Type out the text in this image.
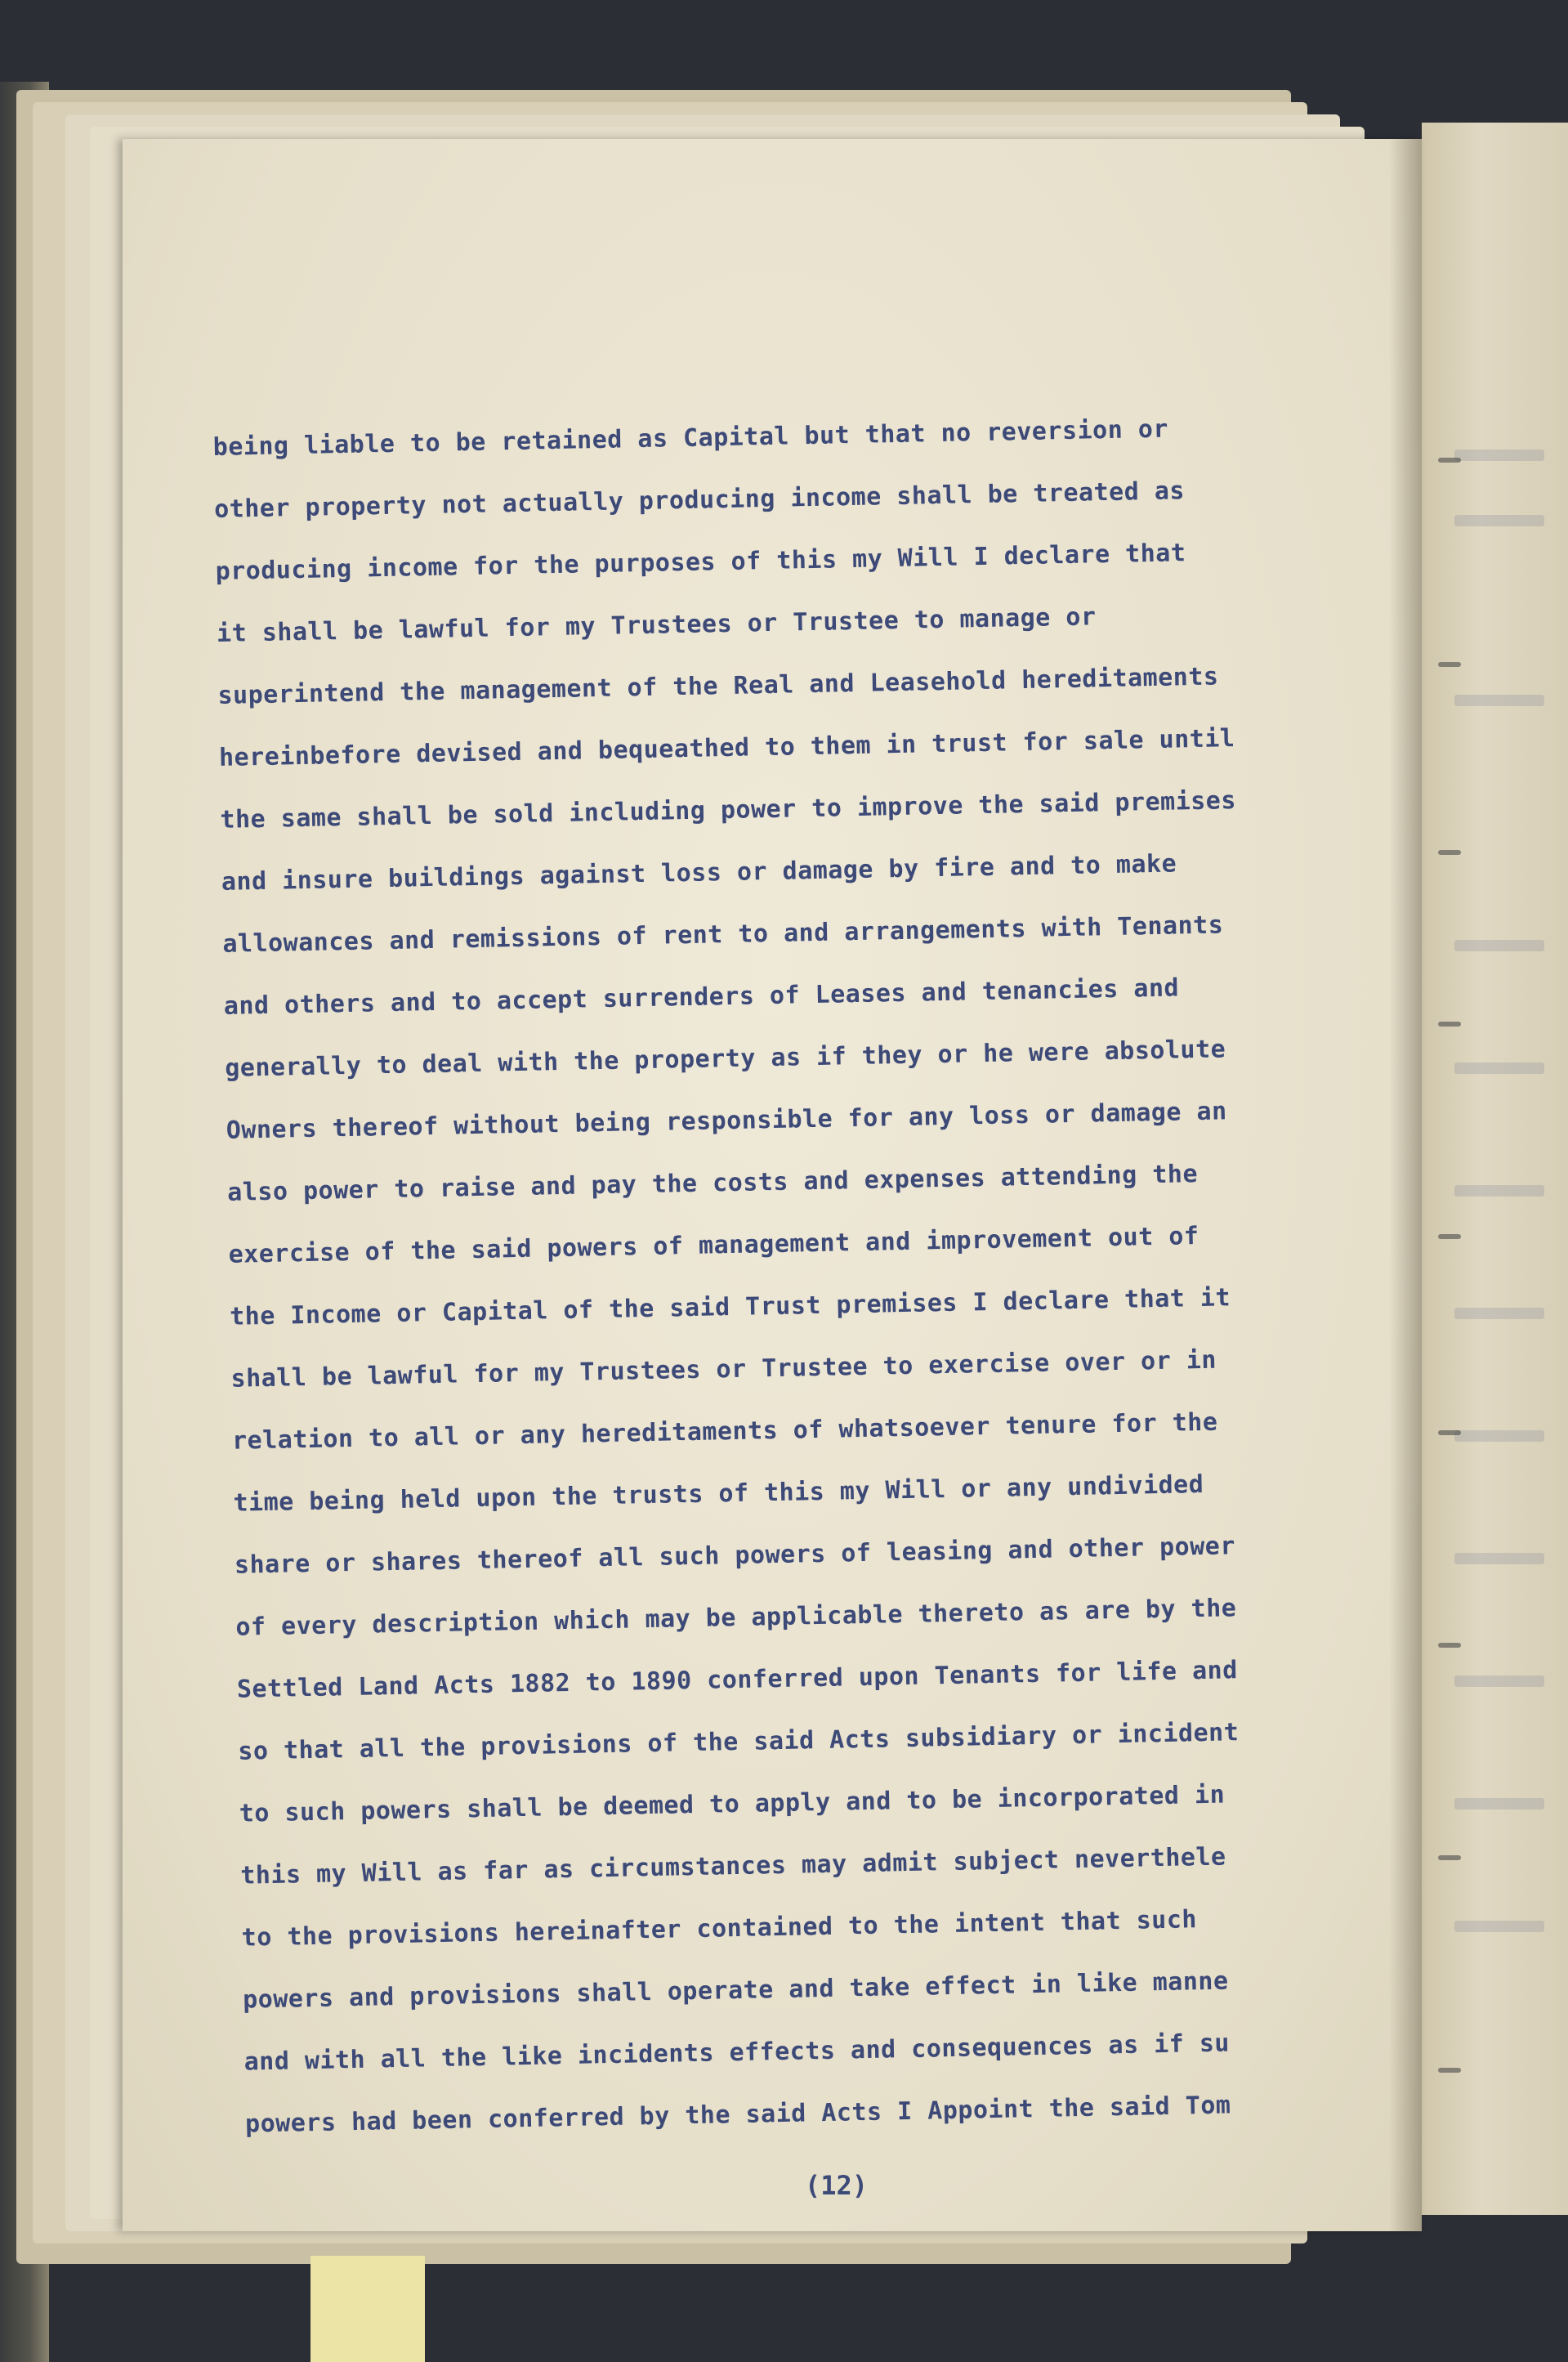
being liable to be retained as Capital but that no reversion or
other property not actually producing income shall be treated as
producing income for the purposes of this my Will I declare that
it shall be lawful for my Trustees or Trustee to manage or
superintend the management of the Real and Leasehold hereditaments
hereinbefore devised and bequeathed to them in trust for sale until
the same shall be sold including power to improve the said premises
and insure buildings against loss or damage by fire and to make
allowances and remissions of rent to and arrangements with Tenants
and others and to accept surrenders of Leases and tenancies and
generally to deal with the property as if they or he were absolute
Owners thereof without being responsible for any loss or damage an
also power to raise and pay the costs and expenses attending the
exercise of the said powers of management and improvement out of
the Income or Capital of the said Trust premises I declare that it
shall be lawful for my Trustees or Trustee to exercise over or in
relation to all or any hereditaments of whatsoever tenure for the
time being held upon the trusts of this my Will or any undivided
share or shares thereof all such powers of leasing and other power
of every description which may be applicable thereto as are by the
Settled Land Acts 1882 to 1890 conferred upon Tenants for life and
so that all the provisions of the said Acts subsidiary or incident
to such powers shall be deemed to apply and to be incorporated in
this my Will as far as circumstances may admit subject neverthele
to the provisions hereinafter contained to the intent that such
powers and provisions shall operate and take effect in like manne
and with all the like incidents effects and consequences as if su
powers had been conferred by the said Acts I Appoint the said Tom
(12)
